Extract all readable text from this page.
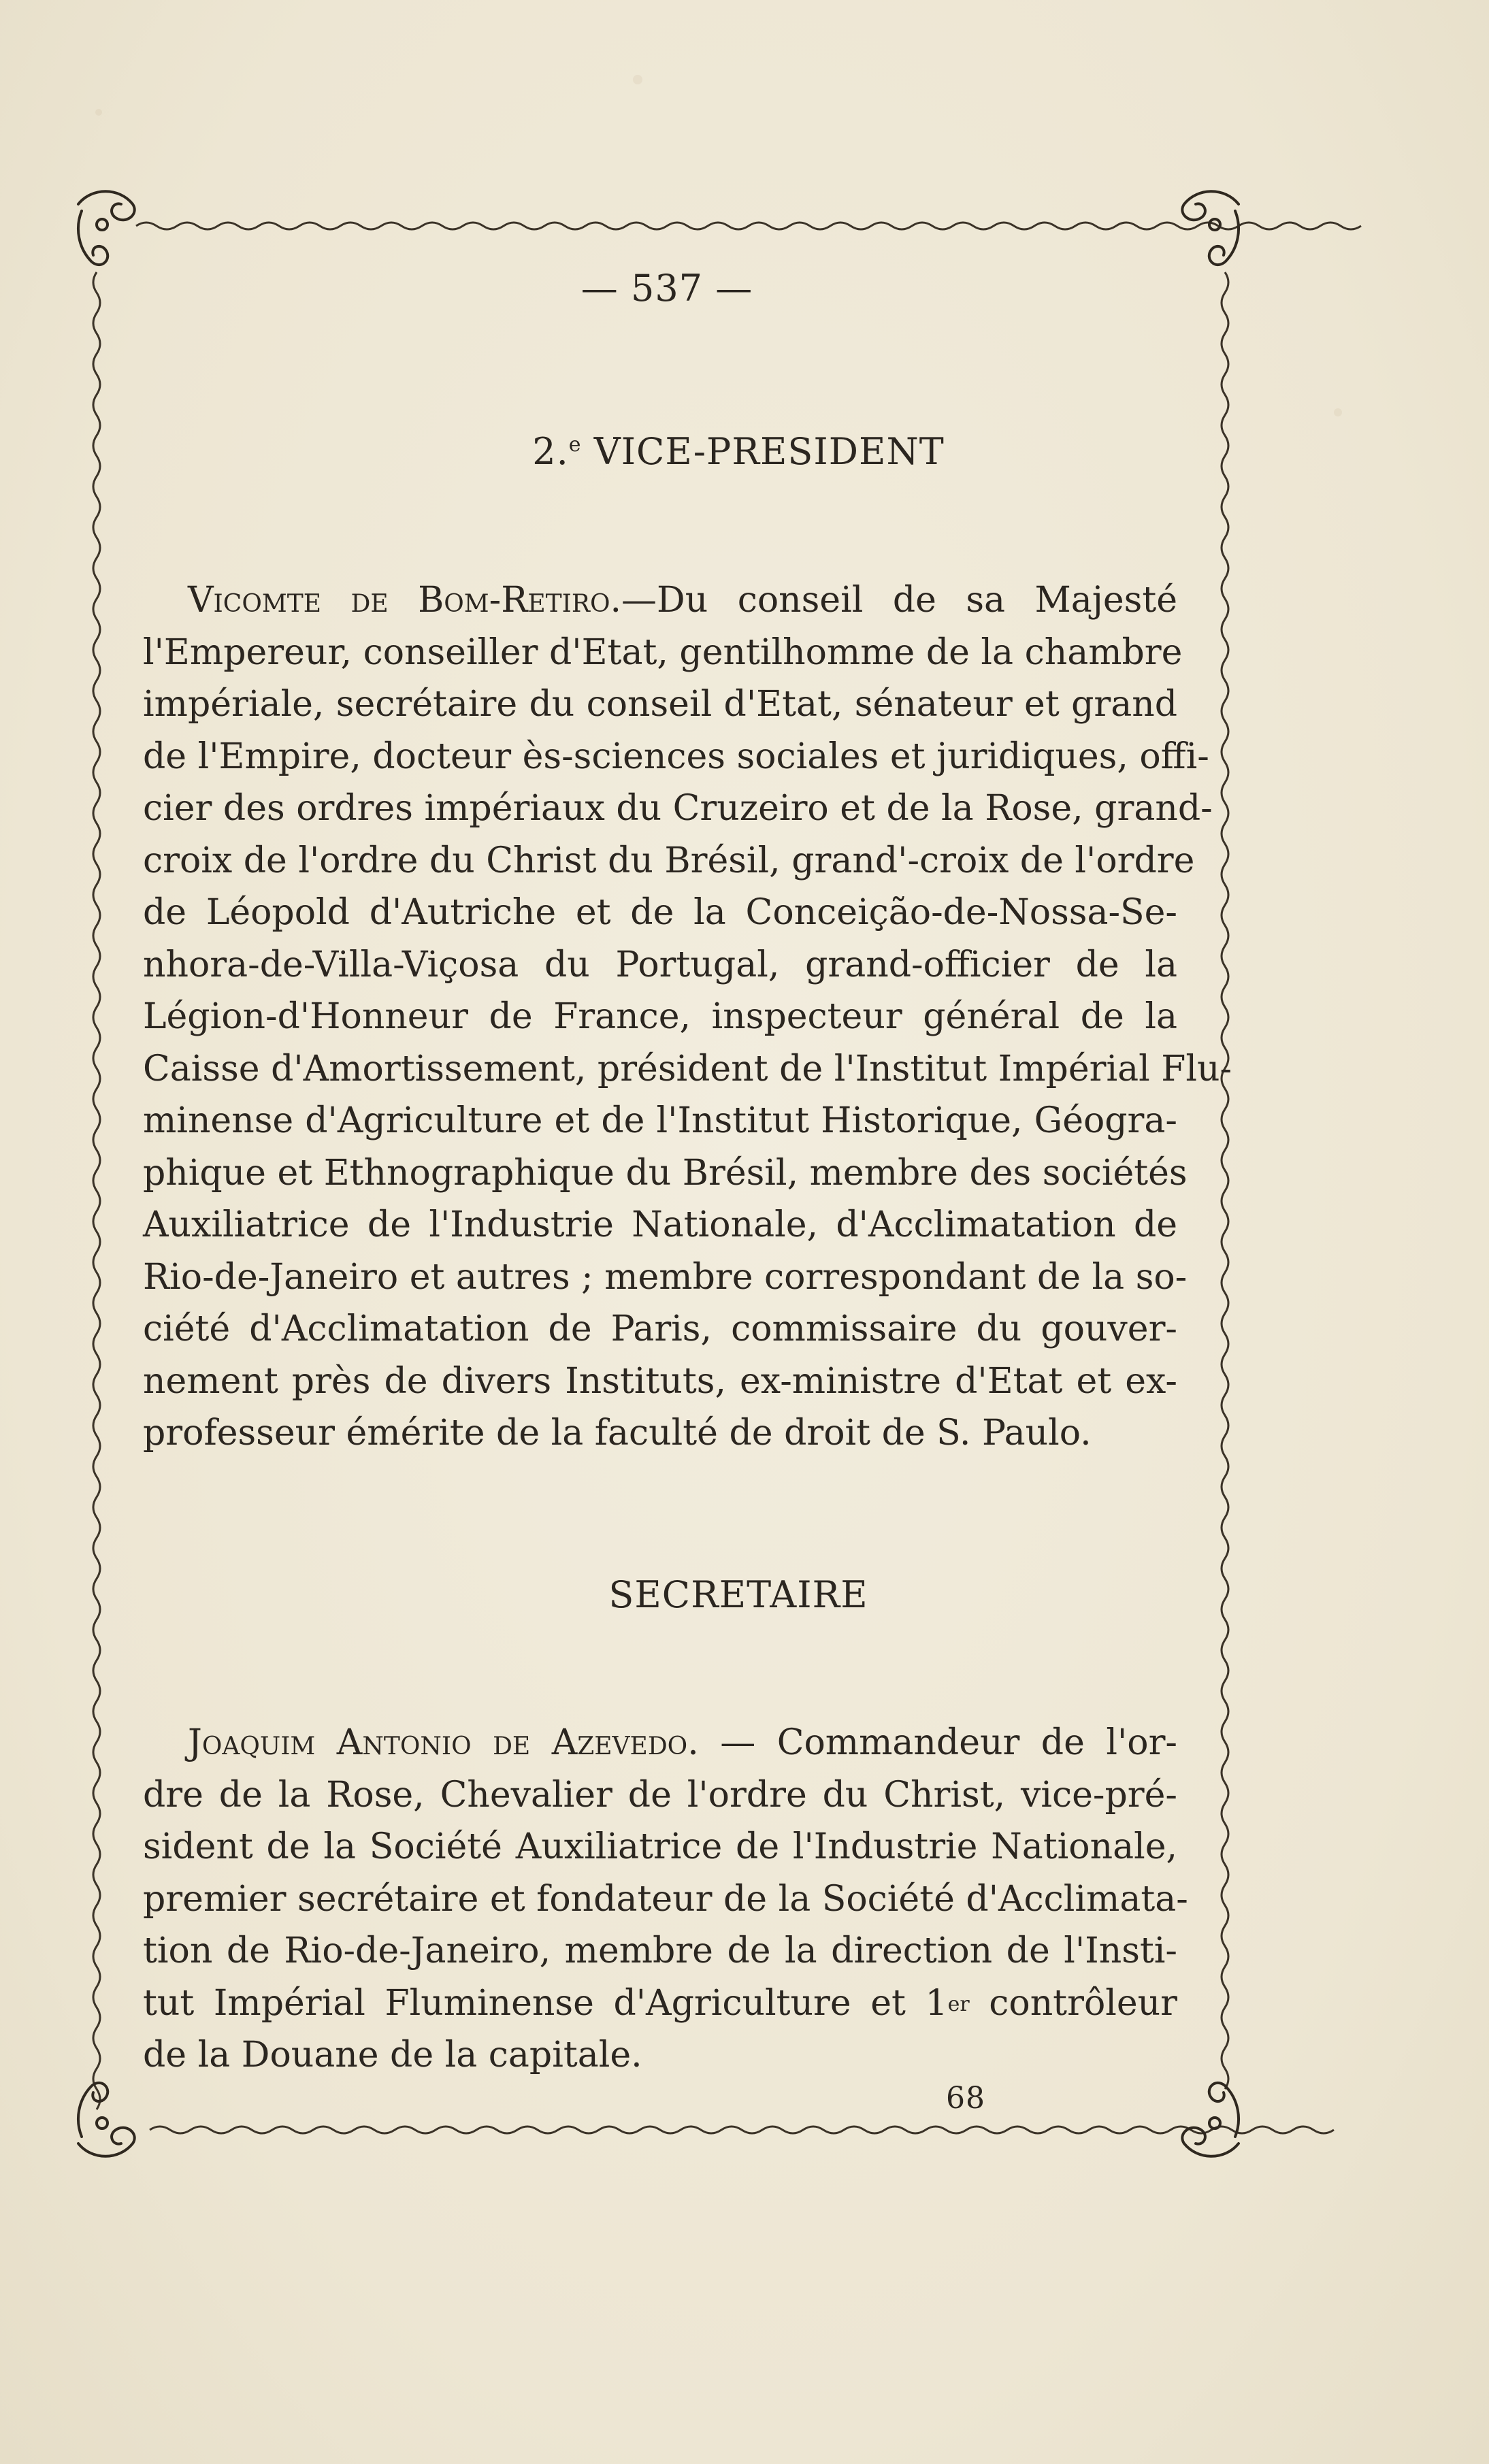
— 537 —
2.$^e$ VICE-PRESIDENT
Vicomte de Bom-Retiro.—Du conseil de sa Majesté
l'Empereur, conseiller d'Etat, gentilhomme de la chambre
impériale, secrétaire du conseil d'Etat, sénateur et grand
de l'Empire, docteur ès-sciences sociales et juridiques, offi-
cier des ordres impériaux du Cruzeiro et de la Rose, grand-
croix de l'ordre du Christ du Brésil, grand'-croix de l'ordre
de Léopold d'Autriche et de la Conceição-de-Nossa-Se-
nhora-de-Villa-Viçosa du Portugal, grand-officier de la
Légion-d'Honneur de France, inspecteur général de la
Caisse d'Amortissement, président de l'Institut Impérial Flu-
minense d'Agriculture et de l'Institut Historique, Géogra-
phique et Ethnographique du Brésil, membre des sociétés
Auxiliatrice de l'Industrie Nationale, d'Acclimatation de
Rio-de-Janeiro et autres ; membre correspondant de la so-
ciété d'Acclimatation de Paris, commissaire du gouver-
nement près de divers Instituts, ex-ministre d'Etat et ex-
professeur émérite de la faculté de droit de S. Paulo.
SECRETAIRE
Joaquim Antonio de Azevedo. — Commandeur de l'or-
dre de la Rose, Chevalier de l'ordre du Christ, vice-pré-
sident de la Société Auxiliatrice de l'Industrie Nationale,
premier secrétaire et fondateur de la Société d'Acclimata-
tion de Rio-de-Janeiro, membre de la direction de l'Insti-
tut Impérial Fluminense d'Agriculture et 1er contrôleur
de la Douane de la capitale.
68
